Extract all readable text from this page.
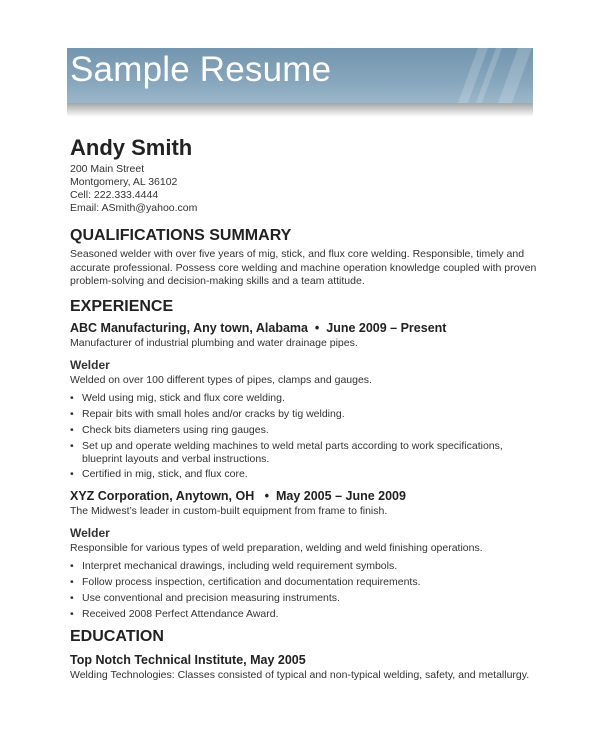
Sample Resume
Andy Smith
200 Main Street
Montgomery, AL 36102
Cell: 222.333.4444
Email: ASmith@yahoo.com
QUALIFICATIONS SUMMARY
Seasoned welder with over five years of mig, stick, and flux core welding. Responsible, timely and
accurate professional. Possess core welding and machine operation knowledge coupled with proven
problem-solving and decision-making skills and a team attitude.
EXPERIENCE
ABC Manufacturing, Any town, Alabama  •  June 2009 – Present
Manufacturer of industrial plumbing and water drainage pipes.
Welder
Welded on over 100 different types of pipes, clamps and gauges.
• Weld using mig, stick and flux core welding.
• Repair bits with small holes and/or cracks by tig welding.
• Check bits diameters using ring gauges.
• Set up and operate welding machines to weld metal parts according to work specifications,
blueprint layouts and verbal instructions.
• Certified in mig, stick, and flux core.
XYZ Corporation, Anytown, OH   •  May 2005 – June 2009
The Midwest’s leader in custom-built equipment from frame to finish.
Welder
Responsible for various types of weld preparation, welding and weld finishing operations.
• Interpret mechanical drawings, including weld requirement symbols.
• Follow process inspection, certification and documentation requirements.
• Use conventional and precision measuring instruments.
• Received 2008 Perfect Attendance Award.
EDUCATION
Top Notch Technical Institute, May 2005
Welding Technologies: Classes consisted of typical and non-typical welding, safety, and metallurgy.
